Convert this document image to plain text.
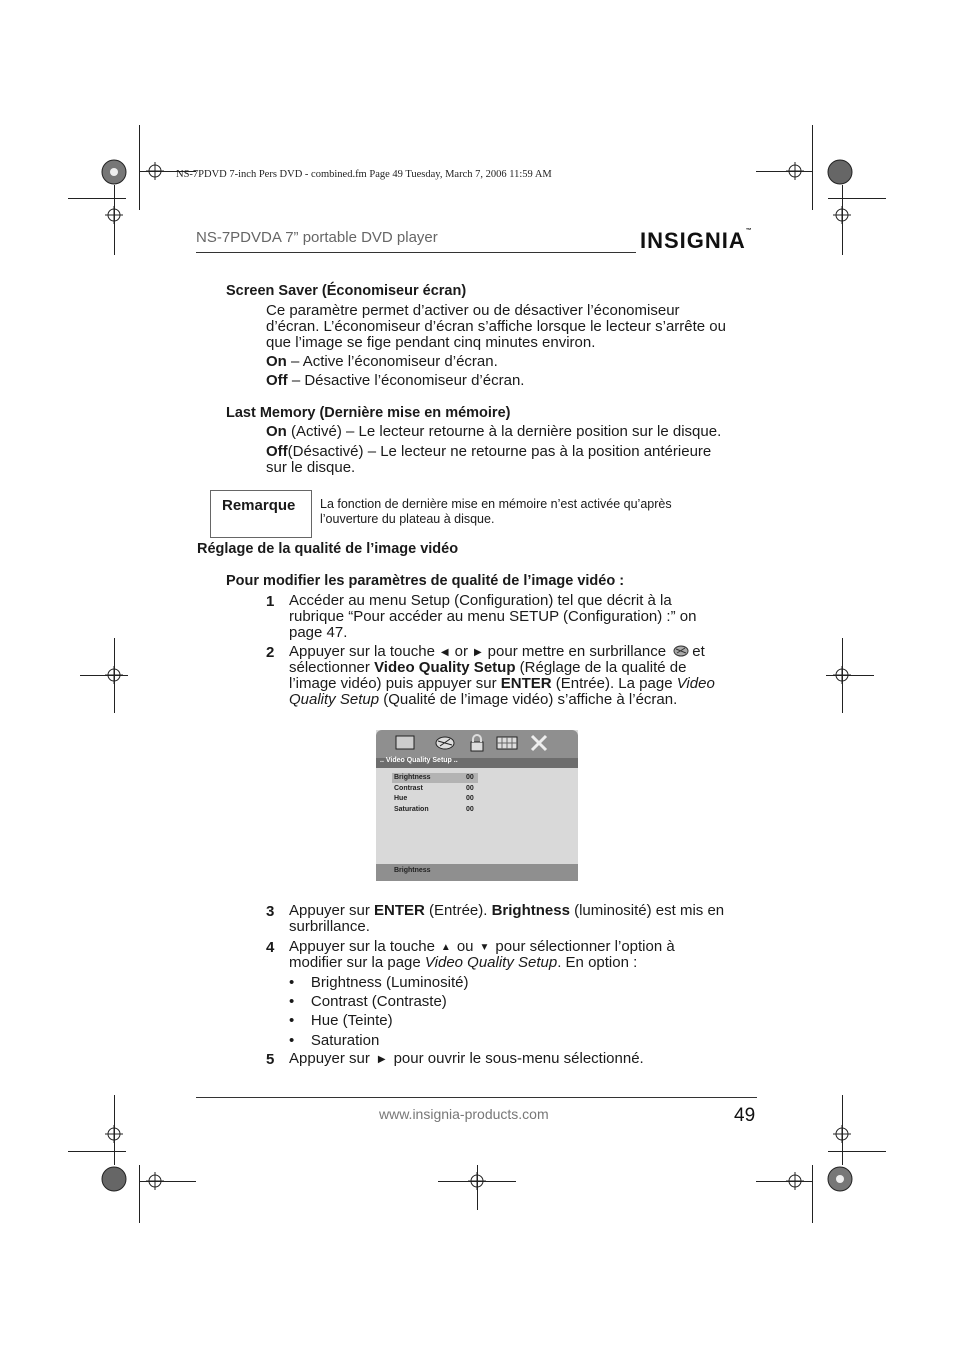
NS-7PDVD 7-inch Pers DVD - combined.fm Page 49 Tuesday, March 7, 2006 11:59 AM
NS-7PDVDA 7” portable DVD player	INSIGNIA™
Screen Saver (Économiseur écran)
Ce paramètre permet d’activer ou de désactiver l’économiseur
d’écran. L’économiseur d’écran s’affiche lorsque le lecteur s’arrête ou
que l’image se fige pendant cinq minutes environ.
On – Active l’économiseur d’écran.
Off – Désactive l’économiseur d’écran.
Last Memory (Dernière mise en mémoire)
On (Activé) – Le lecteur retourne à la dernière position sur le disque.
Off(Désactivé) – Le lecteur ne retourne pas à la position antérieure
sur le disque.
Remarque La fonction de dernière mise en mémoire n’est activée qu’après
l’ouverture du plateau à disque.
Réglage de la qualité de l’image vidéo
Pour modifier les paramètres de qualité de l’image vidéo :
1 Accéder au menu Setup (Configuration) tel que décrit à la
rubrique “Pour accéder au menu SETUP (Configuration) :” on
page 47.
2 Appuyer sur la touche ◀ or ▶ pour mettre en surbrillance et
sélectionner Video Quality Setup (Réglage de la qualité de
l’image vidéo) puis appuyer sur ENTER (Entrée). La page Video
Quality Setup (Qualité de l’image vidéo) s’affiche à l’écran.
.. Video Quality Setup ..
Brightness	00
Contrast	00
Hue	00
Saturation	00
Brightness
3 Appuyer sur ENTER (Entrée). Brightness (luminosité) est mis en
surbrillance.
4 Appuyer sur la touche ▲ ou ▼ pour sélectionner l’option à
modifier sur la page Video Quality Setup. En option :
•    Brightness (Luminosité)
•    Contrast (Contraste)
•    Hue (Teinte)
•    Saturation
5 Appuyer sur ▶ pour ouvrir le sous-menu sélectionné.
www.insignia-products.com	49
